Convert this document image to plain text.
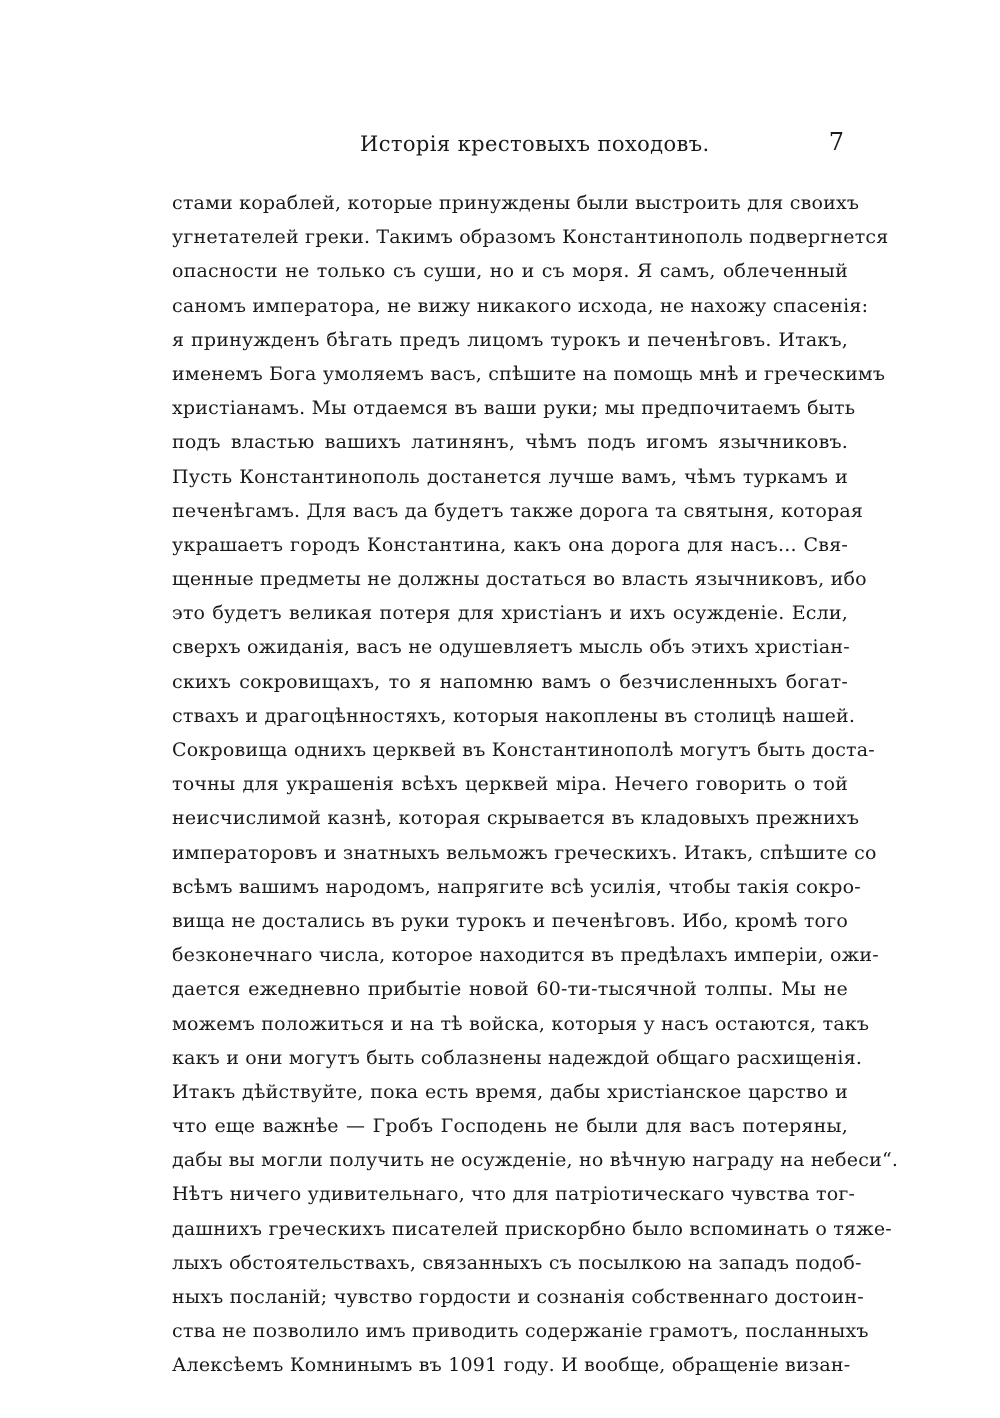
Исторія крестовыхъ походовъ.	7
стами кораблей, которые принуждены были выстроить для своихъ
угнетателей греки. Такимъ образомъ Константинополь подвергнется
опасности не только съ суши, но и съ моря. Я самъ, облеченный
саномъ императора, не вижу никакого исхода, не нахожу спасенія:
я принужденъ бѣгать предъ лицомъ турокъ и печенѣговъ. Итакъ,
именемъ Бога умоляемъ васъ, спѣшите на помощь мнѣ и греческимъ
христіанамъ. Мы отдаемся въ ваши руки; мы предпочитаемъ быть
подъ властью вашихъ латинянъ, чѣмъ подъ игомъ язычниковъ.
Пусть Константинополь достанется лучше вамъ, чѣмъ туркамъ и
печенѣгамъ. Для васъ да будетъ также дорога та святыня, которая
украшаетъ городъ Константина, какъ она дорога для насъ... Свя-
щенные предметы не должны достаться во власть язычниковъ, ибо
это будетъ великая потеря для христіанъ и ихъ осужденіе. Если,
сверхъ ожиданія, васъ не одушевляетъ мысль объ этихъ христіан-
скихъ сокровищахъ, то я напомню вамъ о безчисленныхъ богат-
ствахъ и драгоцѣнностяхъ, которыя накоплены въ столицѣ нашей.
Сокровища однихъ церквей въ Константинополѣ могутъ быть доста-
точны для украшенія всѣхъ церквей міра. Нечего говорить о той
неисчислимой казнѣ, которая скрывается въ кладовыхъ прежнихъ
императоровъ и знатныхъ вельможъ греческихъ. Итакъ, спѣшите со
всѣмъ вашимъ народомъ, напрягите всѣ усилія, чтобы такія сокро-
вища не достались въ руки турокъ и печенѣговъ. Ибо, кромѣ того
безконечнаго числа, которое находится въ предѣлахъ имперіи, ожи-
дается ежедневно прибытіе новой 60-ти-тысячной толпы. Мы не
можемъ положиться и на тѣ войска, которыя у насъ остаются, такъ
какъ и они могутъ быть соблазнены надеждой общаго расхищенія.
Итакъ дѣйствуйте, пока есть время, дабы христіанское царство и
что еще важнѣе — Гробъ Господень не были для васъ потеряны,
дабы вы могли получить не осужденіе, но вѣчную награду на небеси“.
Нѣтъ ничего удивительнаго, что для патріотическаго чувства тог-
дашнихъ греческихъ писателей прискорбно было вспоминать о тяже-
лыхъ обстоятельствахъ, связанныхъ съ посылкою на западъ подоб-
ныхъ посланій; чувство гордости и сознанія собственнаго достоин-
ства не позволило имъ приводить содержаніе грамотъ, посланныхъ
Алексѣемъ Комнинымъ въ 1091 году. И вообще, обращеніе визан-
